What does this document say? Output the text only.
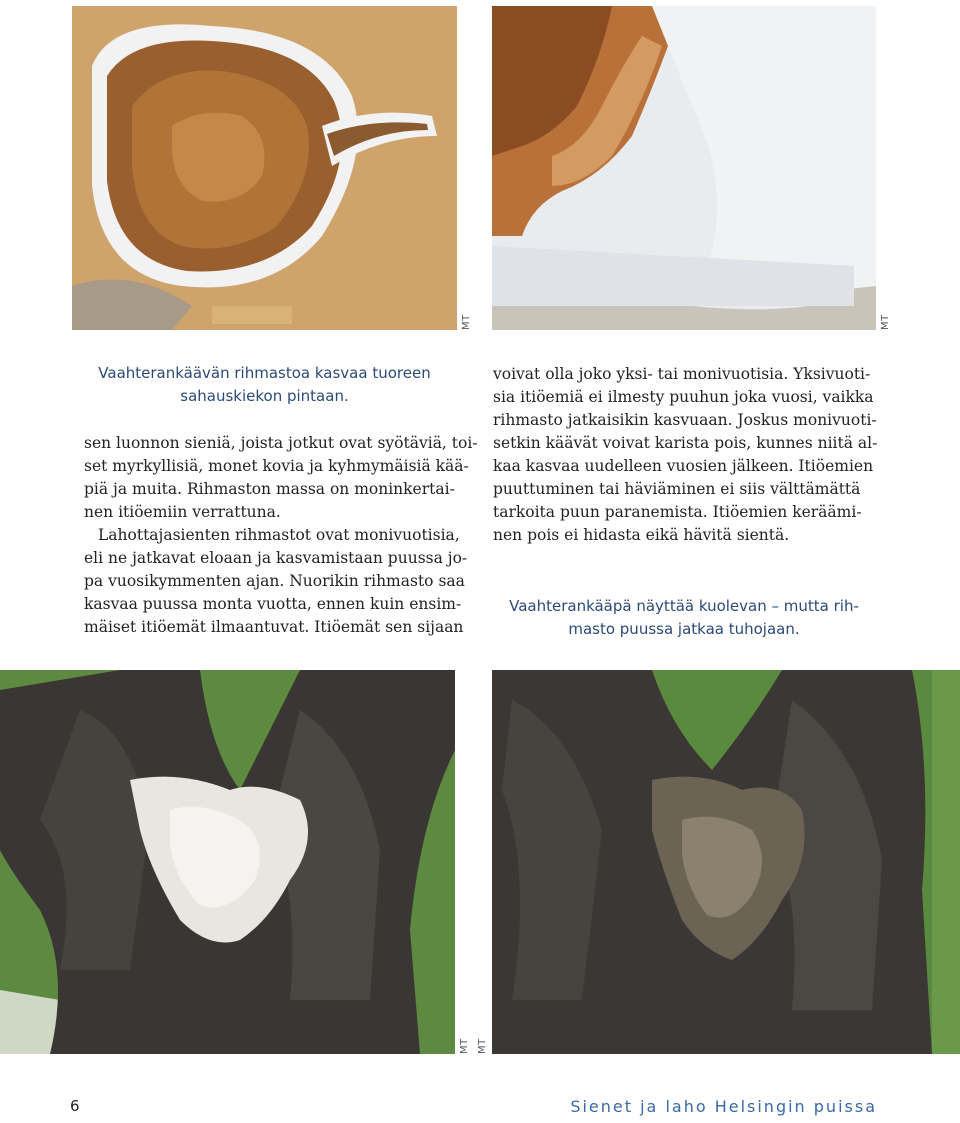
MT	MT
Vaahterankäävän rihmastoa kasvaa tuoreen
sahauskiekon pintaan.
sen luonnon sieniä, joista jotkut ovat syötäviä, toi-
set myrkyllisiä, monet kovia ja kyhmymäisiä kää-
piä ja muita. Rihmaston massa on moninkertai-
nen itiöemiin verrattuna.
Lahottajasienten rihmastot ovat monivuotisia,
eli ne jatkavat eloaan ja kasvamistaan puussa jo-
pa vuosikymmenten ajan. Nuorikin rihmasto saa
kasvaa puussa monta vuotta, ennen kuin ensim-
mäiset itiöemät ilmaantuvat. Itiöemät sen sijaan
voivat olla joko yksi- tai monivuotisia. Yksivuoti-
sia itiöemiä ei ilmesty puuhun joka vuosi, vaikka
rihmasto jatkaisikin kasvuaan. Joskus monivuoti-
setkin käävät voivat karista pois, kunnes niitä al-
kaa kasvaa uudelleen vuosien jälkeen. Itiöemien
puuttuminen tai häviäminen ei siis välttämättä
tarkoita puun paranemista. Itiöemien keräämi-
nen pois ei hidasta eikä hävitä sientä.
Vaahterankääpä näyttää kuolevan – mutta rih-
masto puussa jatkaa tuhojaan.
MT MT
6	Sienet ja laho Helsingin puissa
